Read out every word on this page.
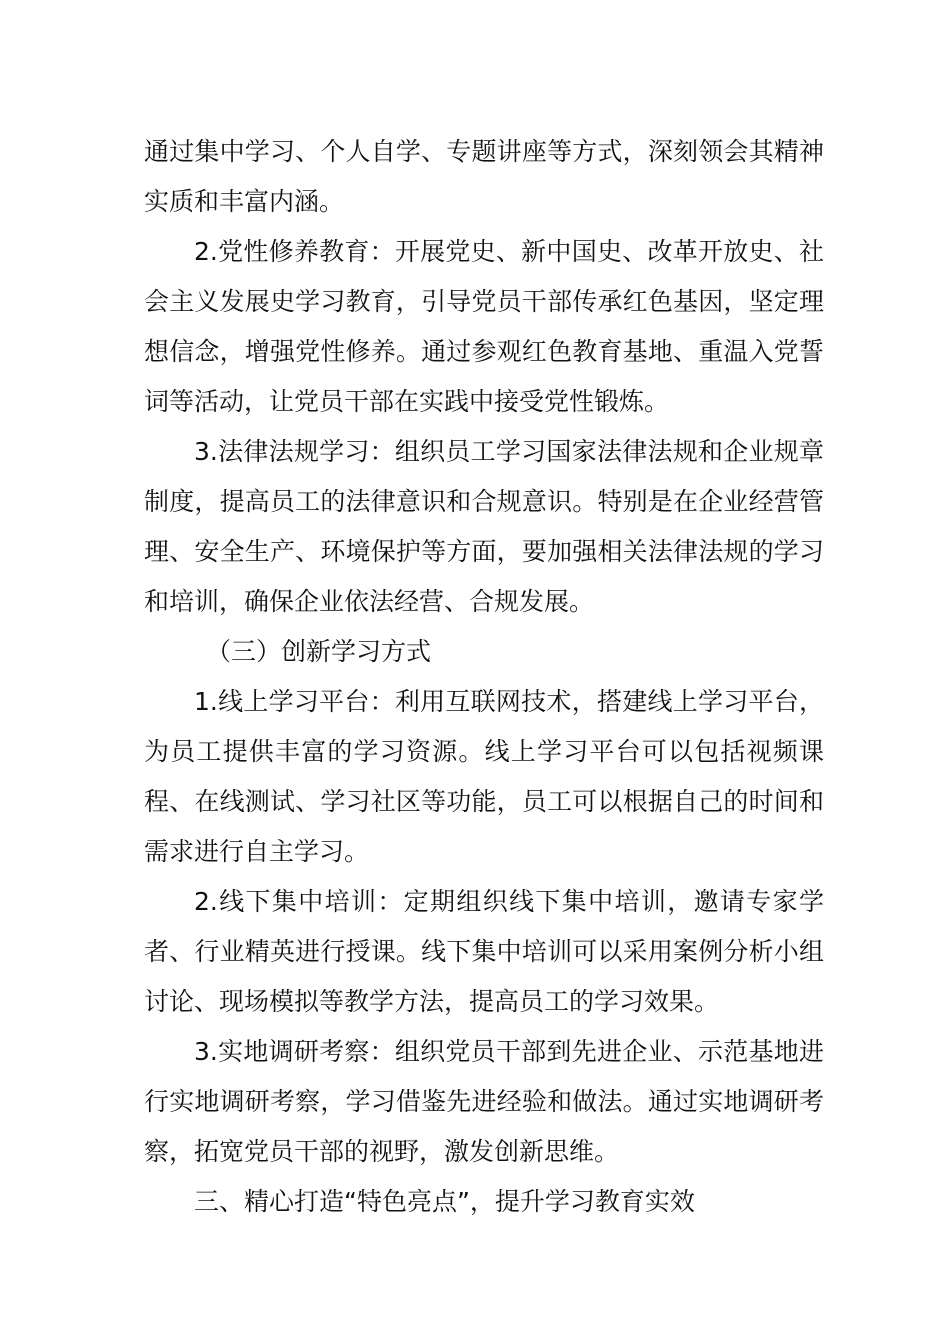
通过集中学习、个人自学、专题讲座等方式，深刻领会其精神实质和丰富内涵。

2.党性修养教育：开展党史、新中国史、改革开放史、社会主义发展史学习教育，引导党员干部传承红色基因，坚定理想信念，增强党性修养。通过参观红色教育基地、重温入党誓词等活动，让党员干部在实践中接受党性锻炼。

3.法律法规学习：组织员工学习国家法律法规和企业规章制度，提高员工的法律意识和合规意识。特别是在企业经营管理、安全生产、环境保护等方面，要加强相关法律法规的学习和培训，确保企业依法经营、合规发展。

（三）创新学习方式

1.线上学习平台：利用互联网技术，搭建线上学习平台，为员工提供丰富的学习资源。线上学习平台可以包括视频课程、在线测试、学习社区等功能，员工可以根据自己的时间和需求进行自主学习。

2.线下集中培训：定期组织线下集中培训，邀请专家学者、行业精英进行授课。线下集中培训可以采用案例分析小组讨论、现场模拟等教学方法，提高员工的学习效果。

3.实地调研考察：组织党员干部到先进企业、示范基地进行实地调研考察，学习借鉴先进经验和做法。通过实地调研考察，拓宽党员干部的视野，激发创新思维。

三、精心打造“特色亮点”，提升学习教育实效
